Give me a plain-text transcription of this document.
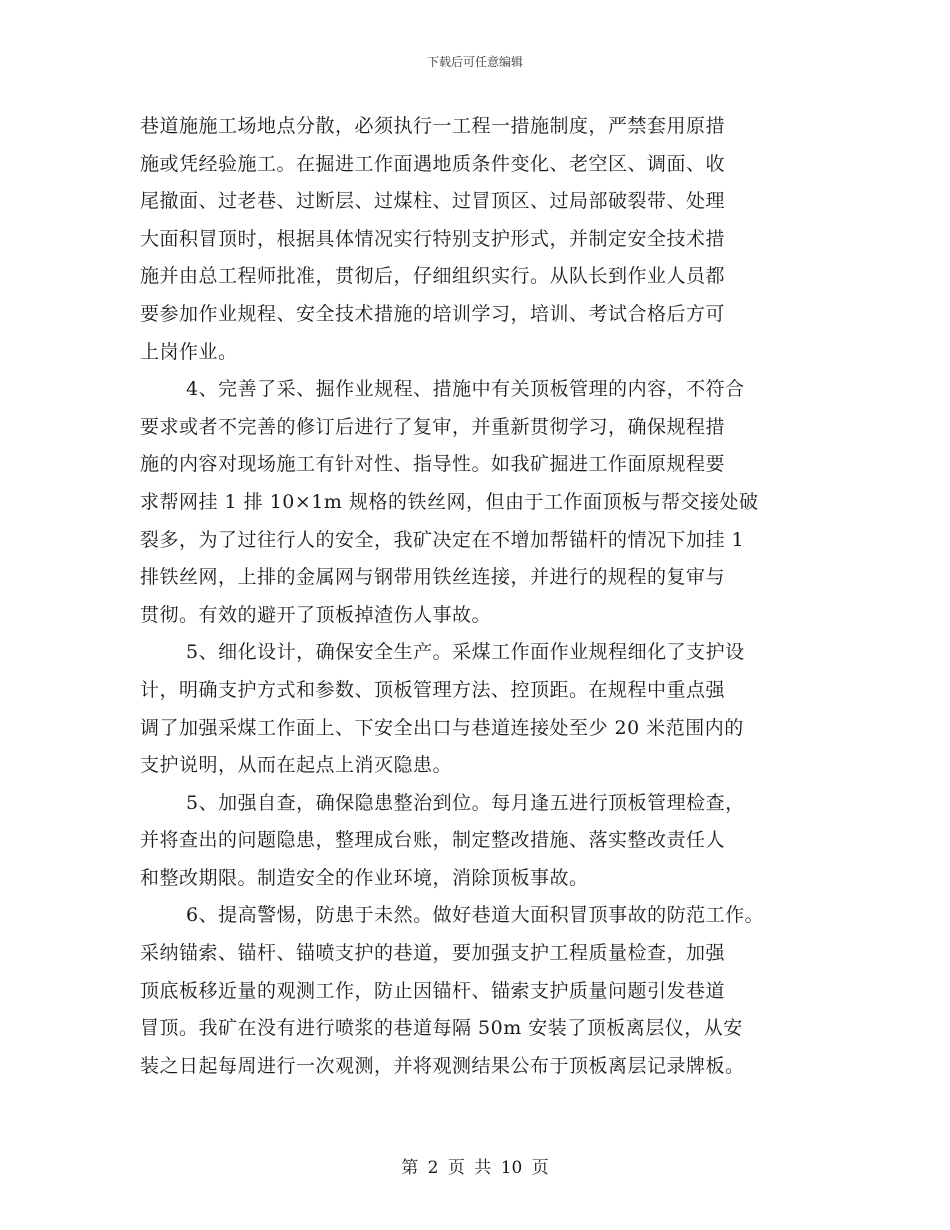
下载后可任意编辑
巷道施施工场地点分散，必须执行一工程一措施制度，严禁套用原措
施或凭经验施工。在掘进工作面遇地质条件变化、老空区、调面、收
尾撤面、过老巷、过断层、过煤柱、过冒顶区、过局部破裂带、处理
大面积冒顶时，根据具体情况实行特别支护形式，并制定安全技术措
施并由总工程师批准，贯彻后，仔细组织实行。从队长到作业人员都
要参加作业规程、安全技术措施的培训学习，培训、考试合格后方可
上岗作业。
4、完善了采、掘作业规程、措施中有关顶板管理的内容，不符合
要求或者不完善的修订后进行了复审，并重新贯彻学习，确保规程措
施的内容对现场施工有针对性、指导性。如我矿掘进工作面原规程要
求帮网挂 1 排 10×1m 规格的铁丝网，但由于工作面顶板与帮交接处破
裂多，为了过往行人的安全，我矿决定在不增加帮锚杆的情况下加挂 1
排铁丝网，上排的金属网与钢带用铁丝连接，并进行的规程的复审与
贯彻。有效的避开了顶板掉渣伤人事故。
5、细化设计，确保安全生产。采煤工作面作业规程细化了支护设
计，明确支护方式和参数、顶板管理方法、控顶距。在规程中重点强
调了加强采煤工作面上、下安全出口与巷道连接处至少 20 米范围内的
支护说明，从而在起点上消灭隐患。
5、加强自查，确保隐患整治到位。每月逢五进行顶板管理检查，
并将查出的问题隐患，整理成台账，制定整改措施、落实整改责任人
和整改期限。制造安全的作业环境，消除顶板事故。
6、提高警惕，防患于未然。做好巷道大面积冒顶事故的防范工作。
采纳锚索、锚杆、锚喷支护的巷道，要加强支护工程质量检查，加强
顶底板移近量的观测工作，防止因锚杆、锚索支护质量问题引发巷道
冒顶。我矿在没有进行喷浆的巷道每隔 50m 安装了顶板离层仪，从安
装之日起每周进行一次观测，并将观测结果公布于顶板离层记录牌板。
第 2 页 共 10 页
